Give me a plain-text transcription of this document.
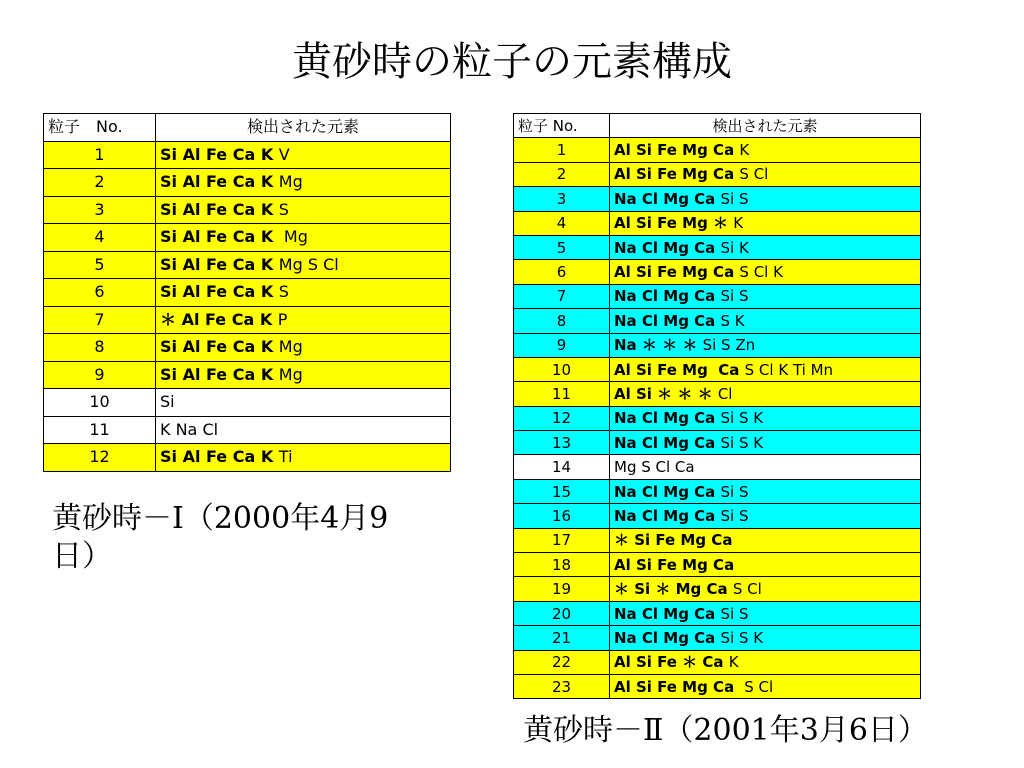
黄砂時の粒子の元素構成
粒子　No.	検出された元素
1	Si Al Fe Ca K V
2	Si Al Fe Ca K Mg
3	Si Al Fe Ca K S
4	Si Al Fe Ca K  Mg
5	Si Al Fe Ca K Mg S Cl
6	Si Al Fe Ca K S
7	＊ Al Fe Ca K P
8	Si Al Fe Ca K Mg
9	Si Al Fe Ca K Mg
10	Si
11	K Na Cl
12	Si Al Fe Ca K Ti
黄砂時－Ⅰ（2000年4月9日）
粒子 No.	検出された元素
1	Al Si Fe Mg Ca K
2	Al Si Fe Mg Ca S Cl
3	Na Cl Mg Ca Si S
4	Al Si Fe Mg ＊ K
5	Na Cl Mg Ca Si K
6	Al Si Fe Mg Ca S Cl K
7	Na Cl Mg Ca Si S
8	Na Cl Mg Ca S K
9	Na ＊ ＊ ＊ Si S Zn
10	Al Si Fe Mg  Ca S Cl K Ti Mn
11	Al Si ＊ ＊ ＊ Cl
12	Na Cl Mg Ca Si S K
13	Na Cl Mg Ca Si S K
14	Mg S Cl Ca
15	Na Cl Mg Ca Si S
16	Na Cl Mg Ca Si S
17	＊ Si Fe Mg Ca
18	Al Si Fe Mg Ca
19	＊ Si ＊ Mg Ca S Cl
20	Na Cl Mg Ca Si S
21	Na Cl Mg Ca Si S K
22	Al Si Fe ＊ Ca K
23	Al Si Fe Mg Ca  S Cl
黄砂時－Ⅱ（2001年3月6日）
